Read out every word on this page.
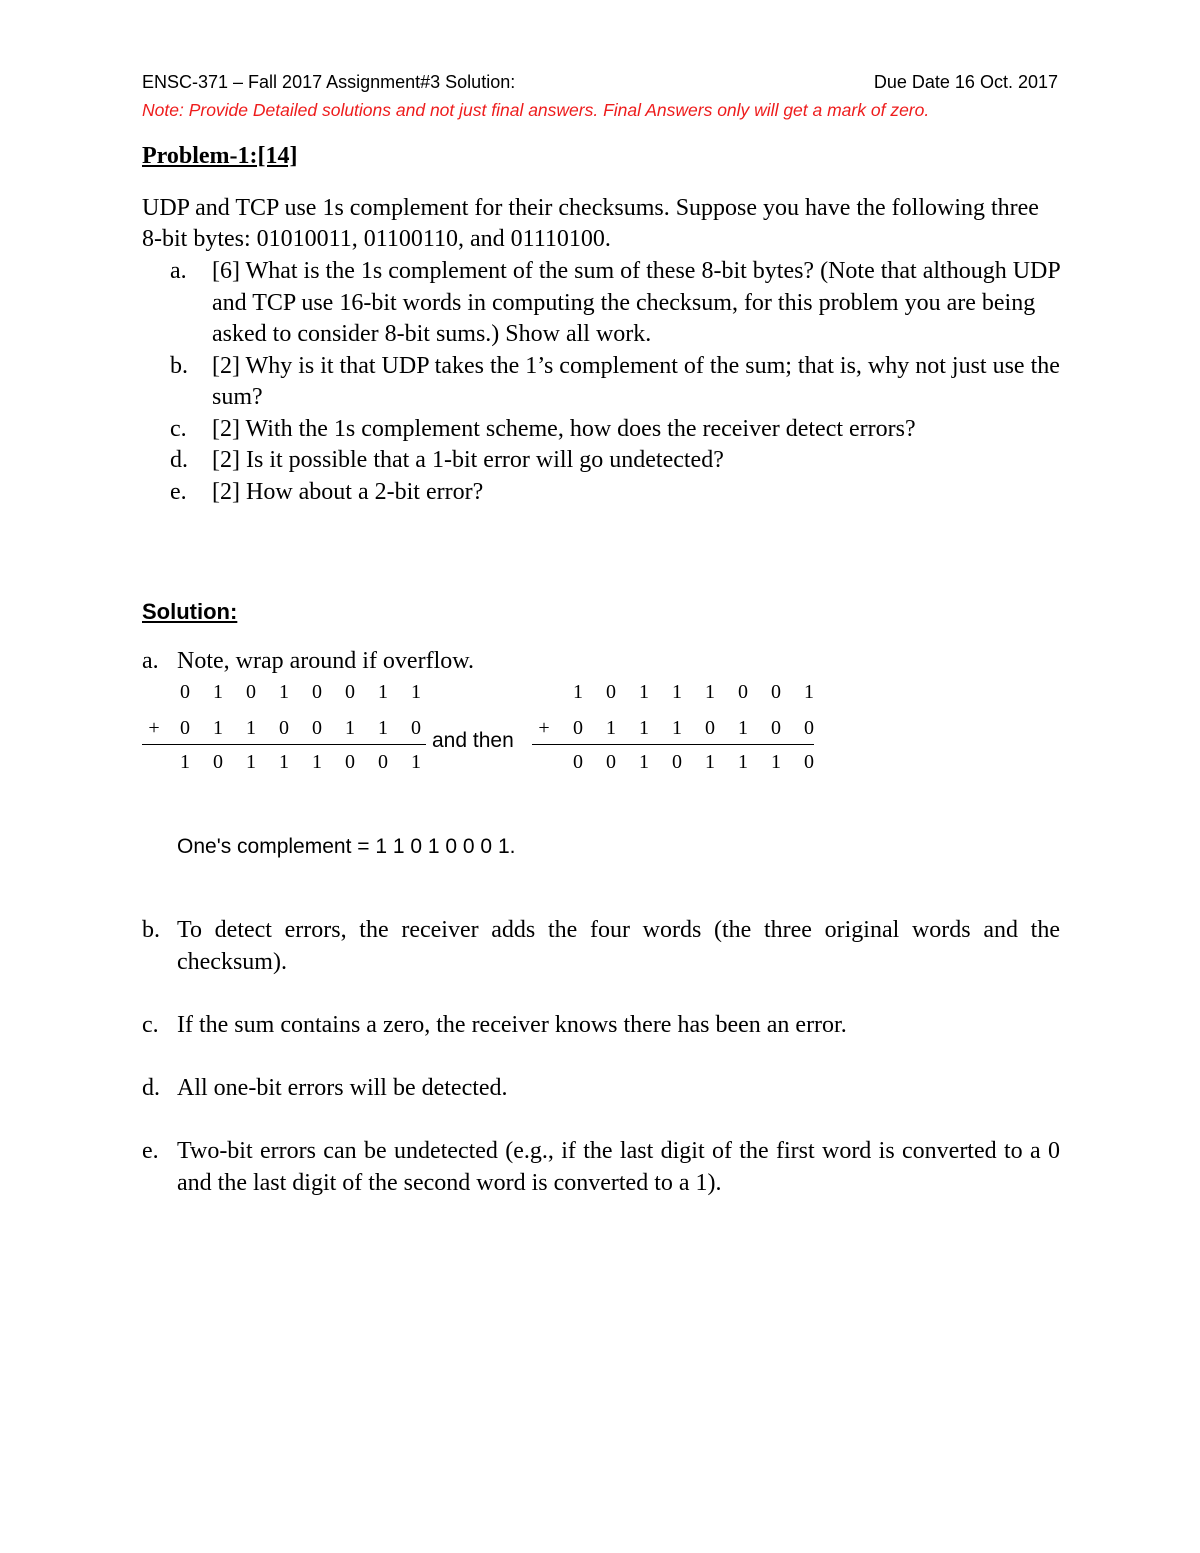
ENSC-371 – Fall 2017 Assignment#3 Solution:	Due Date 16 Oct. 2017
Note: Provide Detailed solutions and not just final answers. Final Answers only will get a mark of zero.
Problem-1:[14]
UDP and TCP use 1s complement for their checksums. Suppose you have the following three 8-bit bytes: 01010011, 01100110, and 01110100.
a.	[6] What is the 1s complement of the sum of these 8-bit bytes? (Note that although UDP and TCP use 16-bit words in computing the checksum, for this problem you are being asked to consider 8-bit sums.) Show all work.
b.	[2] Why is it that UDP takes the 1’s complement of the sum; that is, why not just use the sum?
c.	[2] With the 1s complement scheme, how does the receiver detect errors?
d.	[2] Is it possible that a 1-bit error will go undetected?
e.	[2] How about a 2-bit error?
Solution:
a. Note, wrap around if overflow.
0	1	0	1	0	0	1	1
+	0	1	1	0	0	1	1	0
1	0	1	1	1	0	0	1
and then
1	0	1	1	1	0	0	1
+	0	1	1	1	0	1	0	0
0	0	1	0	1	1	1	0
One's complement = 1 1 0 1 0 0 0 1.
b. To detect errors, the receiver adds the four words (the three original words and the checksum).
c. If the sum contains a zero, the receiver knows there has been an error.
d. All one-bit errors will be detected.
e. Two-bit errors can be undetected (e.g., if the last digit of the first word is converted to a 0 and the last digit of the second word is converted to a 1).
